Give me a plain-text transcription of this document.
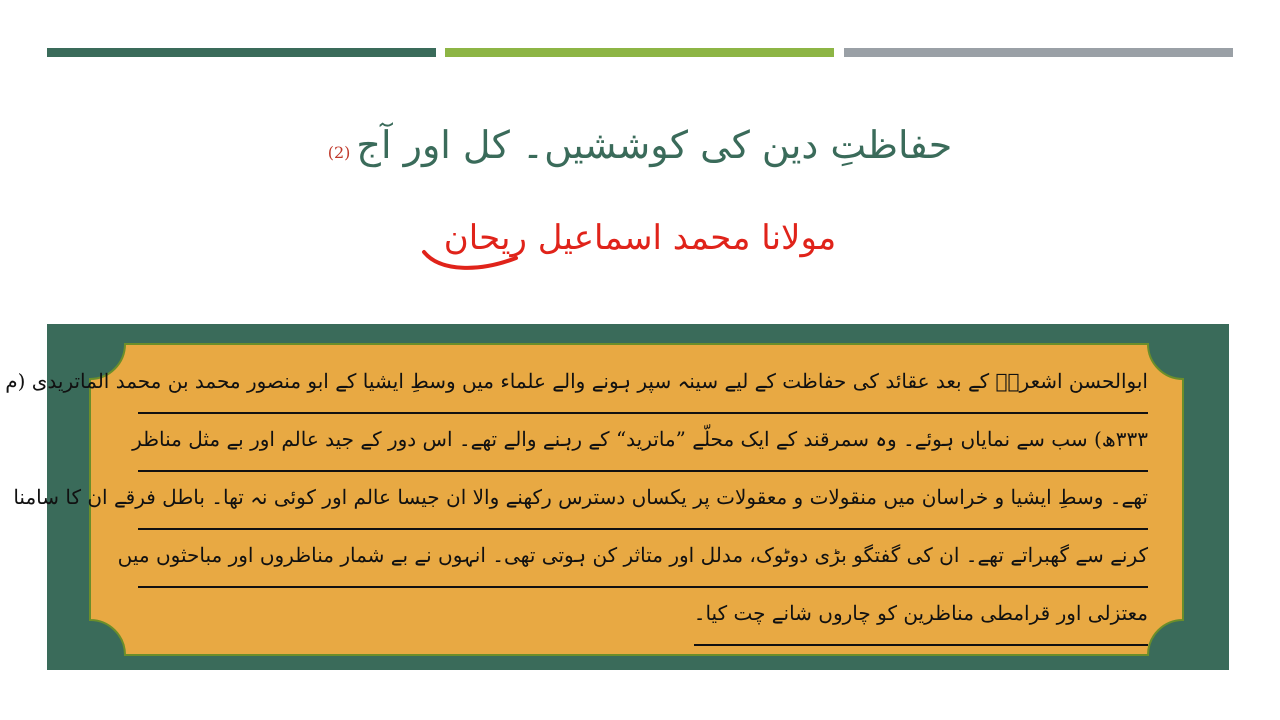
حفاظتِ دین کی کوششیں۔ کل اور آج
(2)
مولانا محمد اسماعیل ریحان
ابوالحسن اشعریؒ کے بعد عقائد کی حفاظت کے لیے سینہ سپر ہونے والے علماء میں وسطِ ایشیا کے ابو منصور محمد بن محمد الماتریدی (م
۳۳۳ھ) سب سے نمایاں ہوئے۔ وہ سمرقند کے ایک محلّے ”ماترید“ کے رہنے والے تھے۔ اس دور کے جید عالم اور بے مثل مناظر
تھے۔ وسطِ ایشیا و خراسان میں منقولات و معقولات پر یکساں دسترس رکھنے والا ان جیسا عالم اور کوئی نہ تھا۔ باطل فرقے ان کا سامنا
کرنے سے گھبراتے تھے۔ ان کی گفتگو بڑی دوٹوک، مدلل اور متاثر کن ہوتی تھی۔ انہوں نے بے شمار مناظروں اور مباحثوں میں
معتزلی اور قرامطی مناظرین کو چاروں شانے چت کیا۔
